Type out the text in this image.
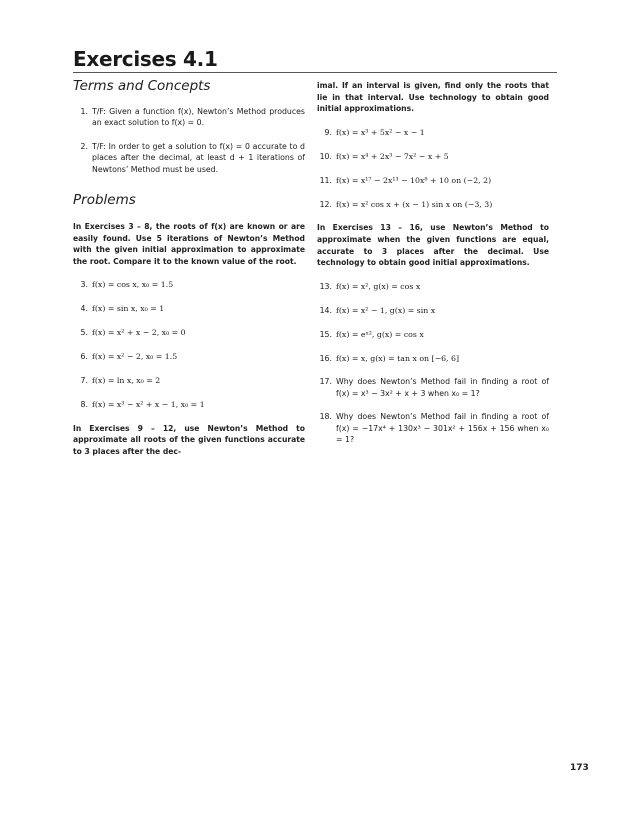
Exercises 4.1
Terms and Concepts
1. T/F: Given a function f(x), Newton’s Method produces an exact solution to f(x) = 0.
2. T/F: In order to get a solution to f(x) = 0 accurate to d places after the decimal, at least d + 1 iterations of Newtons’ Method must be used.
Problems

In Exercises 3 – 8, the roots of f(x) are known or are easily found. Use 5 iterations of Newton’s Method with the given initial approximation to approximate the root. Compare it to the known value of the root.

3. f(x) = cos x, x₀ = 1.5
4. f(x) = sin x, x₀ = 1
5. f(x) = x² + x − 2, x₀ = 0
6. f(x) = x² − 2, x₀ = 1.5
7. f(x) = ln x, x₀ = 2
8. f(x) = x³ − x² + x − 1, x₀ = 1

In Exercises 9 – 12, use Newton’s Method to approximate all roots of the given functions accurate to 3 places after the dec-

imal. If an interval is given, find only the roots that lie in that interval. Use technology to obtain good initial approximations.

9. f(x) = x³ + 5x² − x − 1
10. f(x) = x⁴ + 2x³ − 7x² − x + 5
11. f(x) = x¹⁷ − 2x¹³ − 10x⁸ + 10 on (−2, 2)
12. f(x) = x² cos x + (x − 1) sin x on (−3, 3)

In Exercises 13 – 16, use Newton’s Method to approximate when the given functions are equal, accurate to 3 places after the decimal. Use technology to obtain good initial approximations.

13. f(x) = x², g(x) = cos x
14. f(x) = x² − 1, g(x) = sin x
15. f(x) = eˣ², g(x) = cos x
16. f(x) = x, g(x) = tan x on [−6, 6]
17. Why does Newton’s Method fail in finding a root of f(x) = x³ − 3x² + x + 3 when x₀ = 1?
18. Why does Newton’s Method fail in finding a root of f(x) = −17x⁴ + 130x³ − 301x² + 156x + 156 when x₀ = 1?
173
